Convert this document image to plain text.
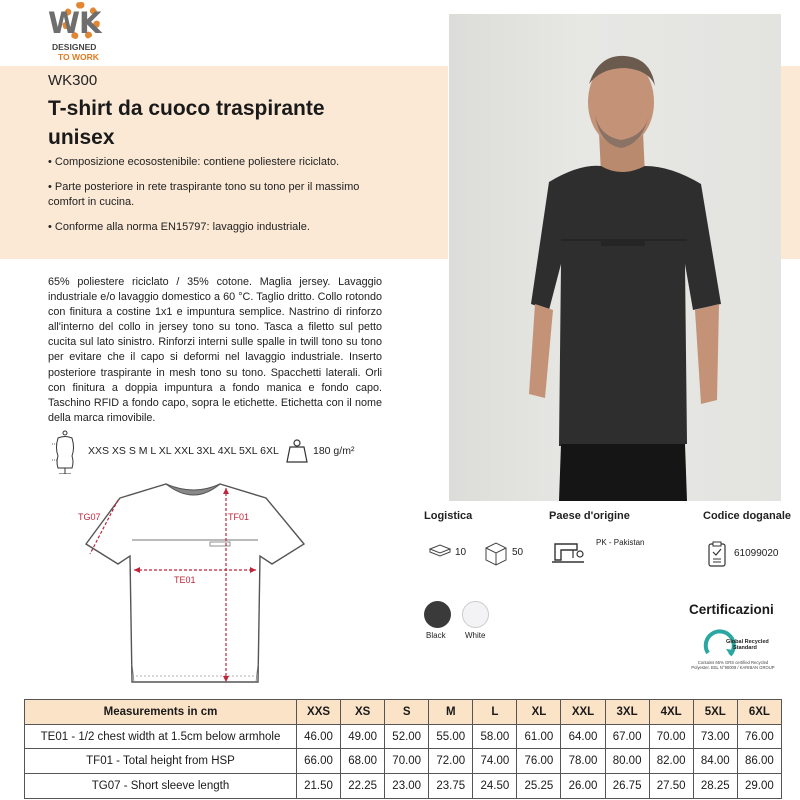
WK
DESIGNED
TO WORK
WK300
T-shirt da cuoco traspirante unisex
• Composizione ecosostenibile: contiene poliestere riciclato.
• Parte posteriore in rete traspirante tono su tono per il massimo comfort in cucina.
• Conforme alla norma EN15797: lavaggio industriale.
65% poliestere riciclato / 35% cotone. Maglia jersey. Lavaggio industriale e/o lavaggio domestico a 60 °C. Taglio dritto. Collo rotondo con finitura a costine 1x1 e impuntura semplice. Nastrino di rinforzo all'interno del collo in jersey tono su tono. Tasca a filetto sul petto cucita sul lato sinistro. Rinforzi interni sulle spalle in twill tono su tono per evitare che il capo si deformi nel lavaggio industriale. Inserto posteriore traspirante in mesh tono su tono. Spacchetti laterali. Orli con finitura a doppia impuntura a fondo manica e fondo capo. Taschino RFID a fondo capo, sopra le etichette. Etichetta con il nome della marca rimovibile.
XXS XS S M L XL XXL 3XL 4XL 5XL 6XL	180 g/m²
TG07	TF01
TE01
Logistica
10	50
Paese d'origine
PK - Pakistan
Codice doganale
61099020
Black White
Certificazioni
Global Recycled
Standard
Contains 65% GRS certified Recycled Polyester. BSL N°90009 / KARIBAN GROUP
Measurements in cm	XXS	XS	S	M	L	XL	XXL	3XL	4XL	5XL	6XL
TE01 - 1/2 chest width at 1.5cm below armhole	46.00	49.00	52.00	55.00	58.00	61.00	64.00	67.00	70.00	73.00	76.00
TF01 - Total height from HSP	66.00	68.00	70.00	72.00	74.00	76.00	78.00	80.00	82.00	84.00	86.00
TG07 - Short sleeve length	21.50	22.25	23.00	23.75	24.50	25.25	26.00	26.75	27.50	28.25	29.00
